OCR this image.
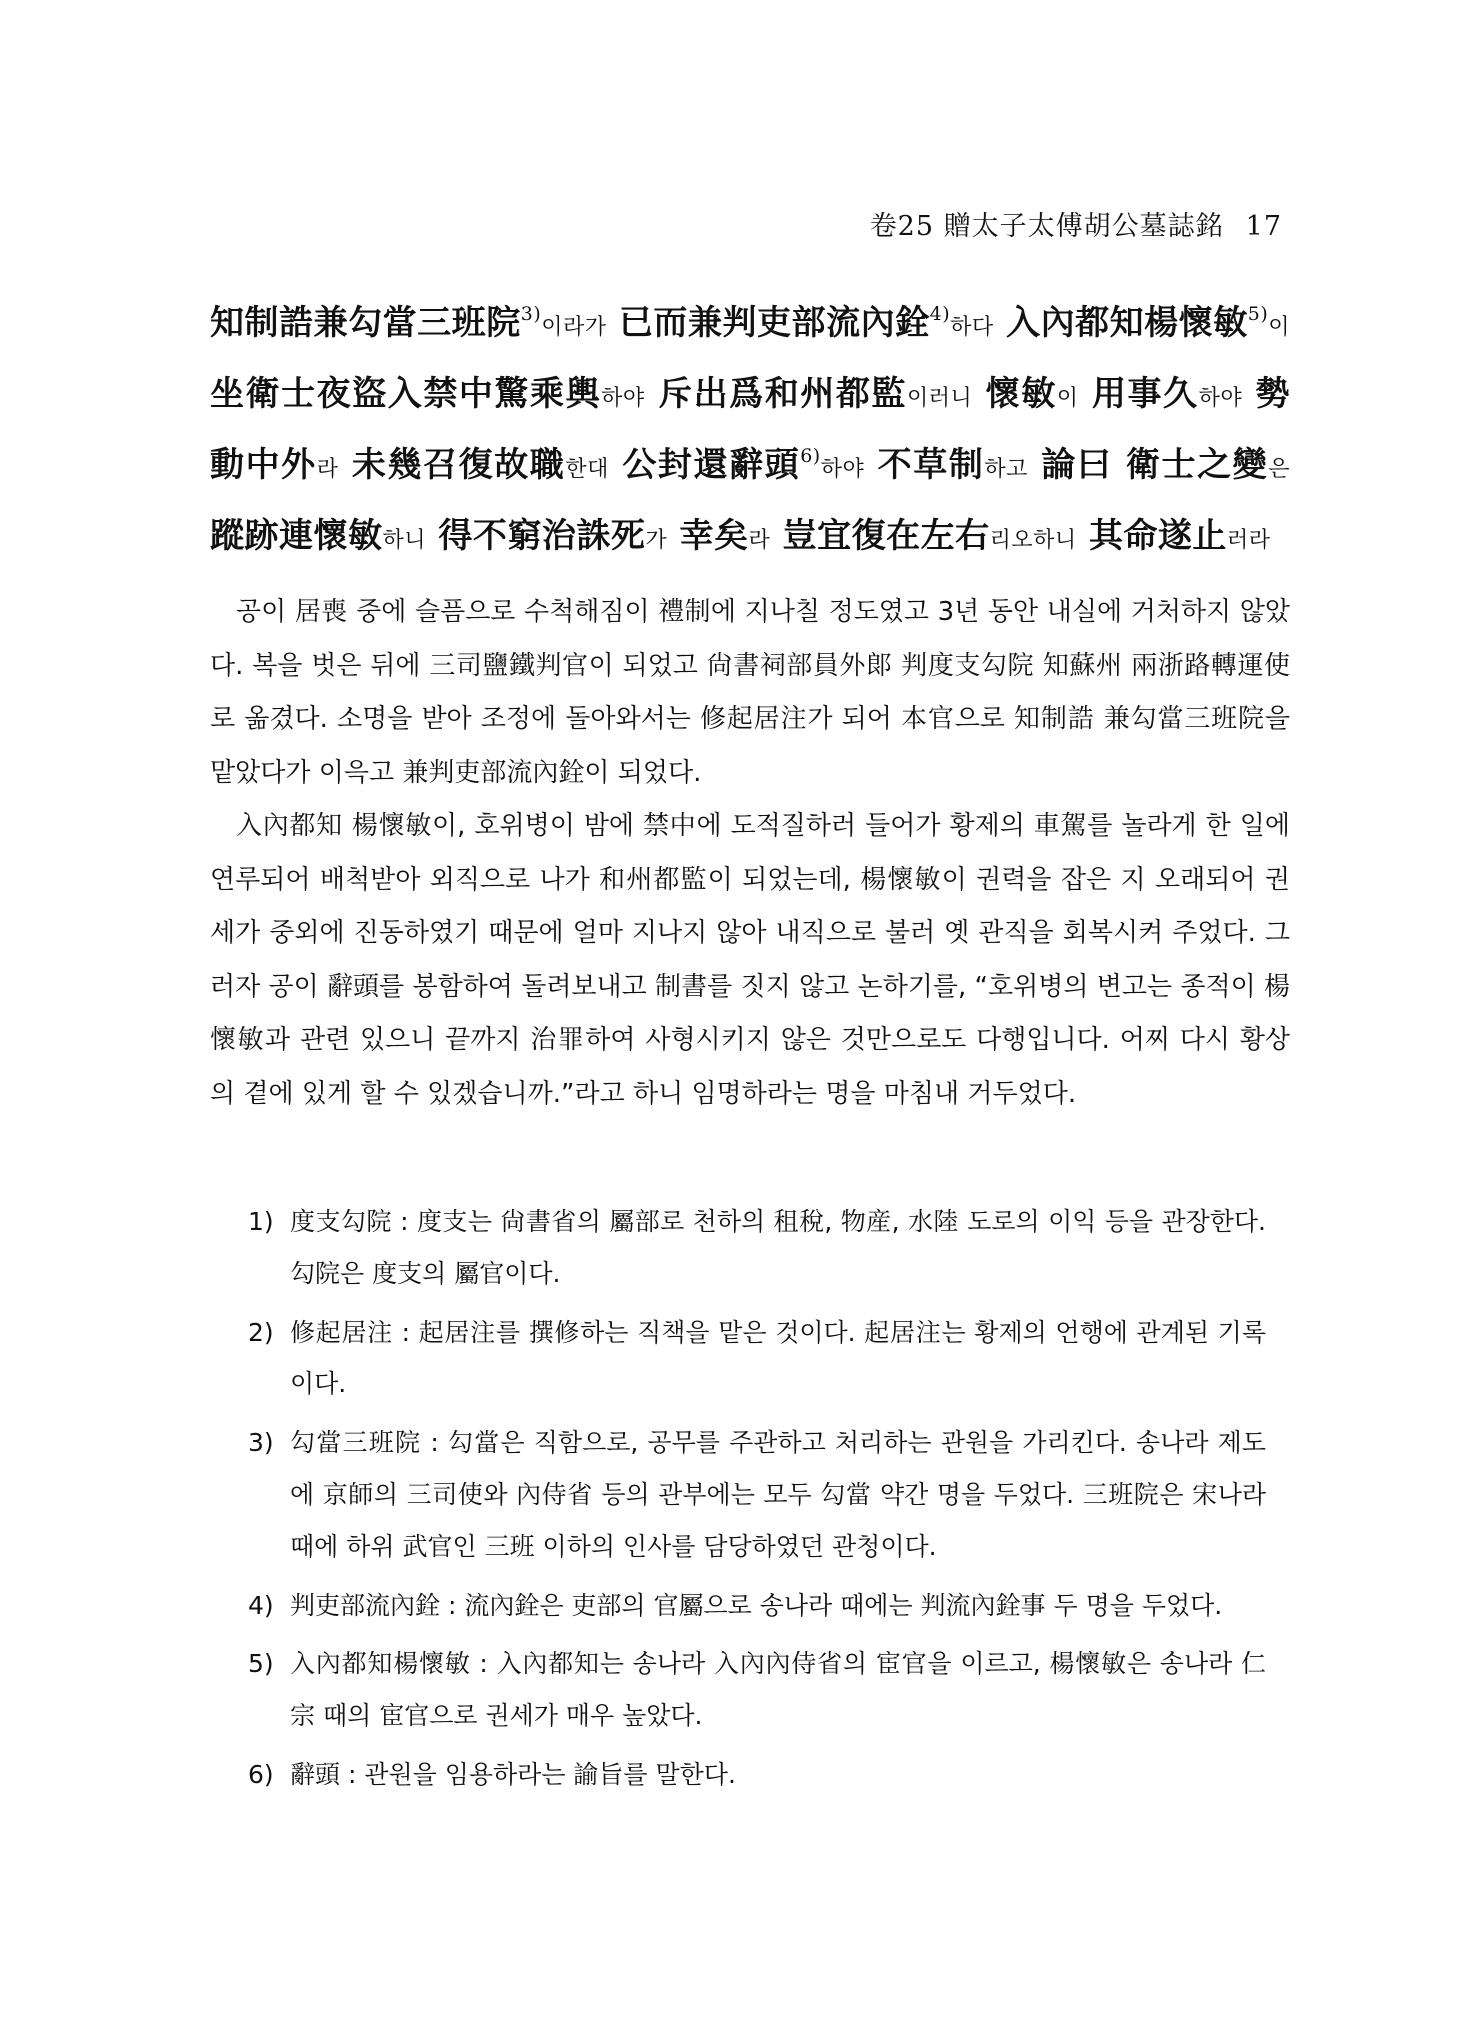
卷25 贈太子太傅胡公墓誌銘 17

知制誥兼勾當三班院$^{3)}$이라가 已而兼判吏部流內銓$^{4)}$하다 入內都知楊懷敏$^{5)}$이 坐衛士夜盜入禁中驚乘輿하야 斥出爲和州都監이러니 懷敏이 用事久하야 勢動中外라 未幾召復故職한대 公封還辭頭$^{6)}$하야 不草制하고 論曰 衛士之變은 蹤跡連懷敏하니 得不窮治誅死가 幸矣라 豈宜復在左右리오하니 其命遂止러라

공이 居喪 중에 슬픔으로 수척해짐이 禮制에 지나칠 정도였고 3년 동안 내실에 거처하지 않았다. 복을 벗은 뒤에 三司鹽鐵判官이 되었고 尙書祠部員外郞 判度支勾院 知蘇州 兩浙路轉運使로 옮겼다. 소명을 받아 조정에 돌아와서는 修起居注가 되어 本官으로 知制誥 兼勾當三班院을 맡았다가 이윽고 兼判吏部流內銓이 되었다.

入內都知 楊懷敏이, 호위병이 밤에 禁中에 도적질하러 들어가 황제의 車駕를 놀라게 한 일에 연루되어 배척받아 외직으로 나가 和州都監이 되었는데, 楊懷敏이 권력을 잡은 지 오래되어 권세가 중외에 진동하였기 때문에 얼마 지나지 않아 내직으로 불러 옛 관직을 회복시켜 주었다. 그러자 공이 辭頭를 봉함하여 돌려보내고 制書를 짓지 않고 논하기를, “호위병의 변고는 종적이 楊懷敏과 관련 있으니 끝까지 治罪하여 사형시키지 않은 것만으로도 다행입니다. 어찌 다시 황상의 곁에 있게 할 수 있겠습니까.”라고 하니 임명하라는 명을 마침내 거두었다.

1) 度支勾院 : 度支는 尙書省의 屬部로 천하의 租稅, 物産, 水陸 도로의 이익 등을 관장한다. 勾院은 度支의 屬官이다.
2) 修起居注 : 起居注를 撰修하는 직책을 맡은 것이다. 起居注는 황제의 언행에 관계된 기록이다.
3) 勾當三班院 : 勾當은 직함으로, 공무를 주관하고 처리하는 관원을 가리킨다. 송나라 제도에 京師의 三司使와 內侍省 등의 관부에는 모두 勾當 약간 명을 두었다. 三班院은 宋나라 때에 하위 武官인 三班 이하의 인사를 담당하였던 관청이다.
4) 判吏部流內銓 : 流內銓은 吏部의 官屬으로 송나라 때에는 判流內銓事 두 명을 두었다.
5) 入內都知楊懷敏 : 入內都知는 송나라 入內內侍省의 宦官을 이르고, 楊懷敏은 송나라 仁宗 때의 宦官으로 권세가 매우 높았다.
6) 辭頭 : 관원을 임용하라는 諭旨를 말한다.
